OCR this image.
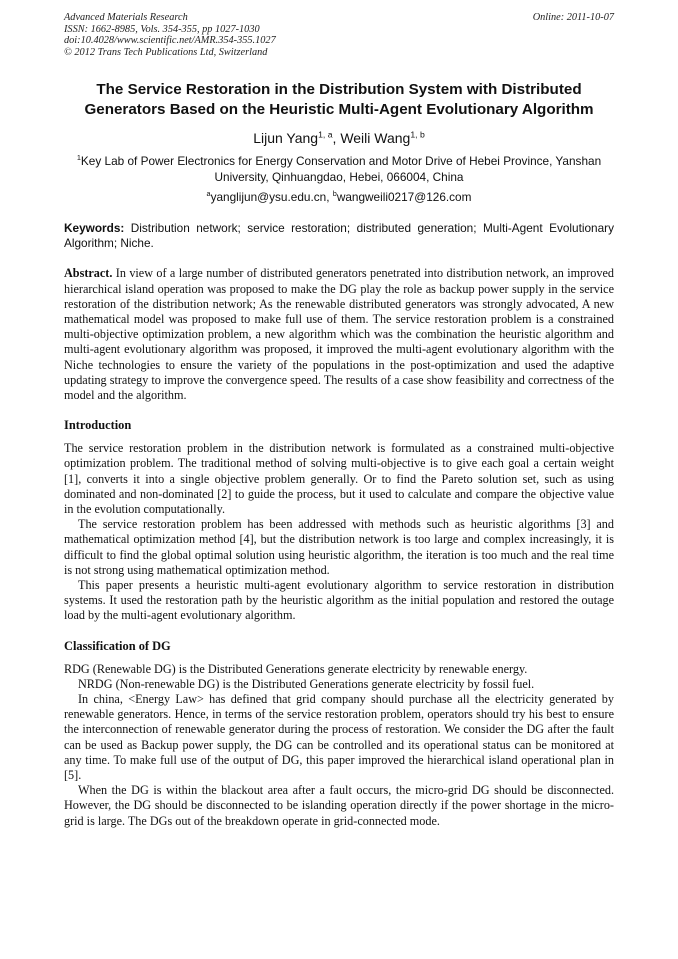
Advanced Materials Research
ISSN: 1662-8985, Vols. 354-355, pp 1027-1030
doi:10.4028/www.scientific.net/AMR.354-355.1027
© 2012 Trans Tech Publications Ltd, Switzerland
Online: 2011-10-07
The Service Restoration in the Distribution System with Distributed
Generators Based on the Heuristic Multi-Agent Evolutionary Algorithm
Lijun Yang$^{1, a}$, Weili Wang$^{1, b}$
$^1$Key Lab of Power Electronics for Energy Conservation and Motor Drive of Hebei Province, Yanshan University, Qinhuangdao, Hebei, 066004, China
$^a$yanglijun@ysu.edu.cn, $^b$wangweili0217@126.com
Keywords: Distribution network; service restoration; distributed generation; Multi-Agent Evolutionary Algorithm; Niche.
Abstract. In view of a large number of distributed generators penetrated into distribution network, an improved hierarchical island operation was proposed to make the DG play the role as backup power supply in the service restoration of the distribution network; As the renewable distributed generators was strongly advocated, A new mathematical model was proposed to make full use of them. The service restoration problem is a constrained multi-objective optimization problem, a new algorithm which was the combination the heuristic algorithm and multi-agent evolutionary algorithm was proposed, it improved the multi-agent evolutionary algorithm with the Niche technologies to ensure the variety of the populations in the post-optimization and used the adaptive updating strategy to improve the convergence speed. The results of a case show feasibility and correctness of the model and the algorithm.
Introduction

The service restoration problem in the distribution network is formulated as a constrained multi-objective optimization problem. The traditional method of solving multi-objective is to give each goal a certain weight [1], converts it into a single objective problem generally. Or to find the Pareto solution set, such as using dominated and non-dominated [2] to guide the process, but it used to calculate and compare the objective value in the evolution computationally.

The service restoration problem has been addressed with methods such as heuristic algorithms [3] and mathematical optimization method [4], but the distribution network is too large and complex increasingly, it is difficult to find the global optimal solution using heuristic algorithm, the iteration is too much and the real time is not strong using mathematical optimization method.

This paper presents a heuristic multi-agent evolutionary algorithm to service restoration in distribution systems. It used the restoration path by the heuristic algorithm as the initial population and restored the outage load by the multi-agent evolutionary algorithm.

Classification of DG

RDG (Renewable DG) is the Distributed Generations generate electricity by renewable energy.

NRDG (Non-renewable DG) is the Distributed Generations generate electricity by fossil fuel.

In china, <Energy Law> has defined that grid company should purchase all the electricity generated by renewable generators. Hence, in terms of the service restoration problem, operators should try his best to ensure the interconnection of renewable generator during the process of restoration. We consider the DG after the fault can be used as Backup power supply, the DG can be controlled and its operational status can be monitored at any time. To make full use of the output of DG, this paper improved the hierarchical island operational plan in [5].

When the DG is within the blackout area after a fault occurs, the micro-grid DG should be disconnected. However, the DG should be disconnected to be islanding operation directly if the power shortage in the micro-grid is large. The DGs out of the breakdown operate in grid-connected mode.
